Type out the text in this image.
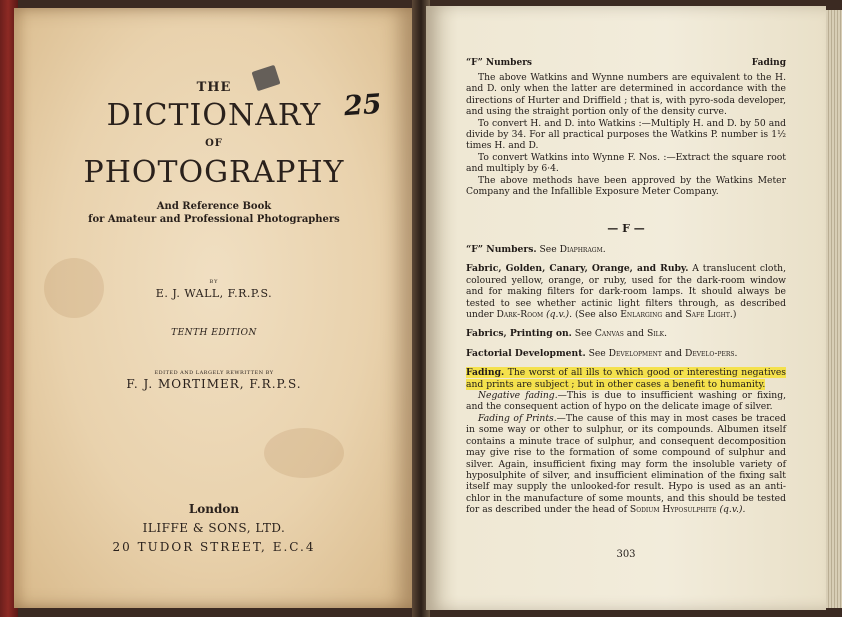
THE
DICTIONARY 25
OF
PHOTOGRAPHY
And Reference Book
for Amateur and Professional Photographers
BY
E. J. WALL, F.R.P.S.
TENTH EDITION
EDITED AND LARGELY REWRITTEN BY
F. J. MORTIMER, F.R.P.S.
London
ILIFFE & SONS, LTD.
20 TUDOR STREET, E.C.4
“F” Numbers	Fading

The above Watkins and Wynne numbers are equivalent to the H. and D. only when the latter are determined in accordance with the directions of Hurter and Driffield ; that is, with pyro-soda developer, and using the straight portion only of the density curve.

To convert H. and D. into Watkins :—Multiply H. and D. by 50 and divide by 34. For all practical purposes the Watkins P. number is 1½ times H. and D.

To convert Watkins into Wynne F. Nos. :—Extract the square root and multiply by 6·4.

The above methods have been approved by the Watkins Meter Company and the Infallible Exposure Meter Company.

— F —

“F” Numbers. See Diaphragm.

Fabric, Golden, Canary, Orange, and Ruby. A translucent cloth, coloured yellow, orange, or ruby, used for the dark-room window and for making filters for dark-room lamps. It should always be tested to see whether actinic light filters through, as described under Dark-Room (q.v.). (See also Enlarging and Safe Light.)

Fabrics, Printing on. See Canvas and Silk.

Factorial Development. See Development and Develo-pers.

Fading. The worst of all ills to which good or interesting negatives and prints are subject ; but in other cases a benefit to humanity.

Negative fading.—This is due to insufficient washing or fixing, and the consequent action of hypo on the delicate image of silver.

Fading of Prints.—The cause of this may in most cases be traced in some way or other to sulphur, or its compounds. Albumen itself contains a minute trace of sulphur, and consequent decomposition may give rise to the formation of some compound of sulphur and silver. Again, insufficient fixing may form the insoluble variety of hyposulphite of silver, and insufficient elimination of the fixing salt itself may supply the unlooked-for result. Hypo is used as an anti-chlor in the manufacture of some mounts, and this should be tested for as described under the head of Sodium Hyposulphite (q.v.).

303
